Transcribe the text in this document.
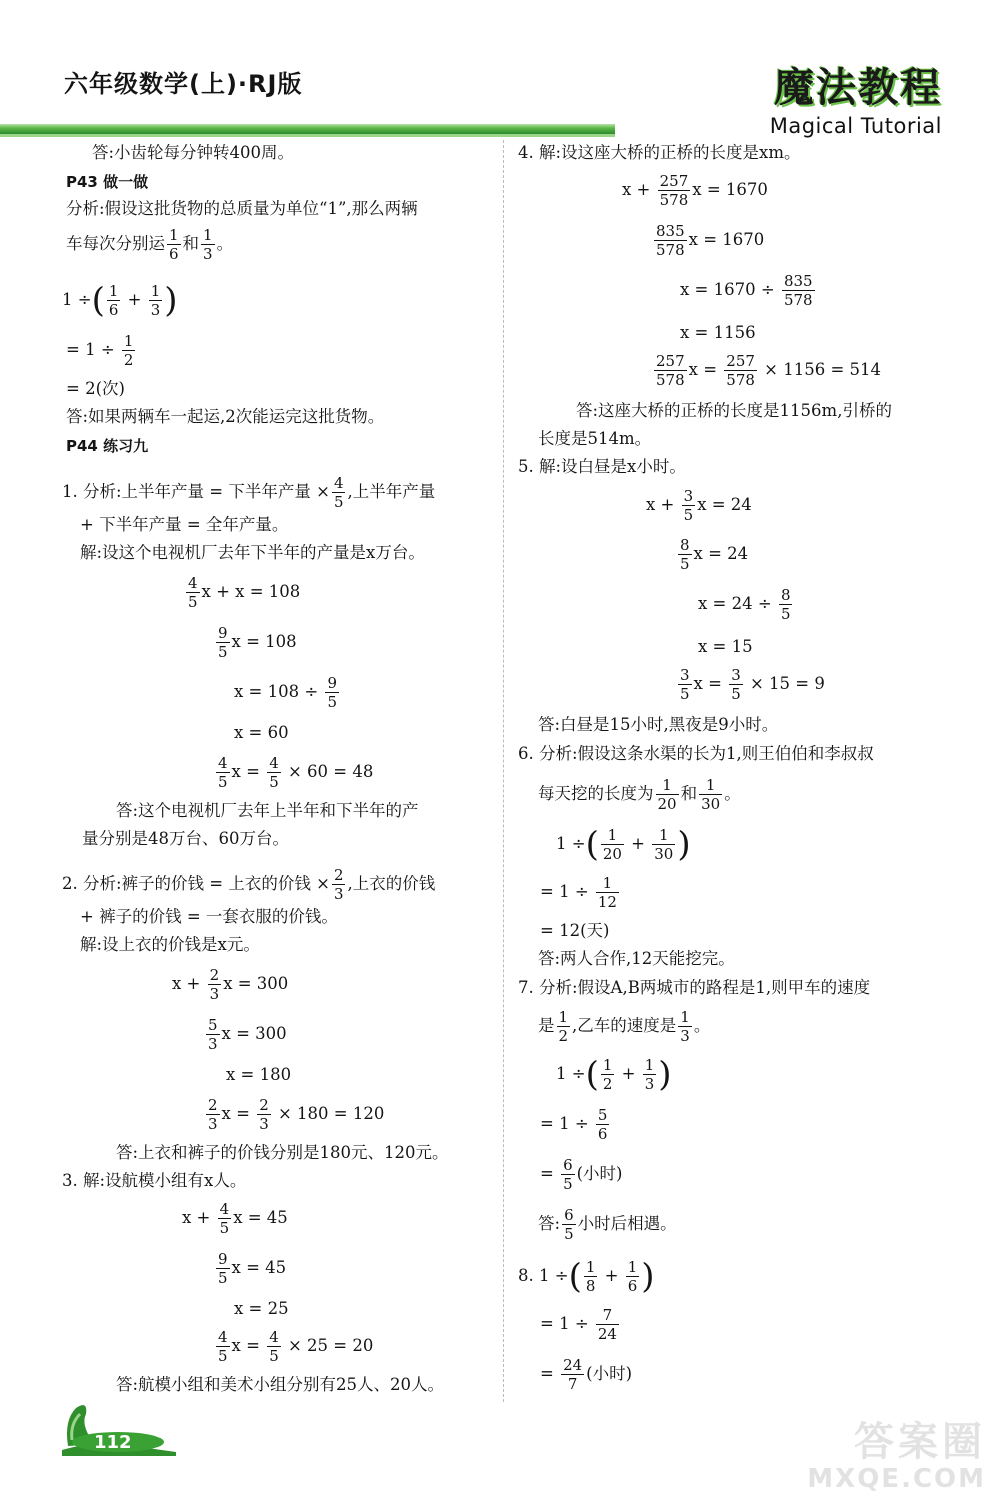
六年级数学(上)·RJ版	魔法教程
Magical Tutorial
答:小齿轮每分钟转400周。
P43 做一做
分析:假设这批货物的总质量为单位“1”,那么两辆
车每次分别运 $\frac{1}{6}$ 和 $\frac{1}{3}$ 。
1 ÷( $\frac{1}{6} + \frac{1}{3}$ )
= $1 \div \frac{1}{2}$
= 2(次)
答:如果两辆车一起运,2次能运完这批货物。
P44 练习九
1. 分析:上半年产量 = 下半年产量 × $\frac{4}{5}$ ,上半年产量
+ 下半年产量 = 全年产量。
解:设这个电视机厂去年下半年的产量是x万台。
$\frac{4}{5}$ x + x = 108
$\frac{9}{5}$ x = 108
$x = 108 \div \frac{9}{5}$
x = 60
$\frac{4}{5}$ $x = \frac{4}{5} \times 60 = 48$
答:这个电视机厂去年上半年和下半年的产
量分别是48万台、60万台。
2. 分析:裤子的价钱 = 上衣的价钱 × $\frac{2}{3}$ ,上衣的价钱
+ 裤子的价钱 = 一套衣服的价钱。
解:设上衣的价钱是x元。
$x + \frac{2}{3}$ x = 300
$\frac{5}{3}$ x = 300
x = 180
$\frac{2}{3}$ $x = \frac{2}{3} \times 180 = 120$
答:上衣和裤子的价钱分别是180元、120元。
3. 解:设航模小组有x人。
$x + \frac{4}{5}$ x = 45
$\frac{9}{5}$ x = 45
x = 25
$\frac{4}{5}$ $x = \frac{4}{5} \times 25 = 20$
答:航模小组和美术小组分别有25人、20人。
4. 解:设这座大桥的正桥的长度是xm。
$x + \frac{257}{578}$ x = 1670
$\frac{835}{578}$ x = 1670
$x = 1670 \div \frac{835}{578}$
x = 1156
$\frac{257}{578}$ $x = \frac{257}{578} \times 1156 = 514$
答:这座大桥的正桥的长度是1156m,引桥的
长度是514m。
5. 解:设白昼是x小时。
$x + \frac{3}{5}$ x = 24
$\frac{8}{5}$ x = 24
$x = 24 \div \frac{8}{5}$
x = 15
$\frac{3}{5}$ $x = \frac{3}{5} \times 15 = 9$
答:白昼是15小时,黑夜是9小时。
6. 分析:假设这条水渠的长为1,则王伯伯和李叔叔
每天挖的长度为 $\frac{1}{20}$ 和 $\frac{1}{30}$ 。
1 ÷( $\frac{1}{20} + \frac{1}{30}$ )
= $1 \div \frac{1}{12}$
= 12(天)
答:两人合作,12天能挖完。
7. 分析:假设A,B两城市的路程是1,则甲车的速度
是 $\frac{1}{2}$ ,乙车的速度是 $\frac{1}{3}$ 。
1 ÷( $\frac{1}{2} + \frac{1}{3}$ )
= $1 \div \frac{5}{6}$
= $\frac{6}{5}$ (小时)
答: $\frac{6}{5}$ 小时后相遇。
8. 1 ÷( $\frac{1}{8} + \frac{1}{6}$ )
= $1 \div \frac{7}{24}$
= $\frac{24}{7}$ (小时)
112	答案圈
MXQE.COM
